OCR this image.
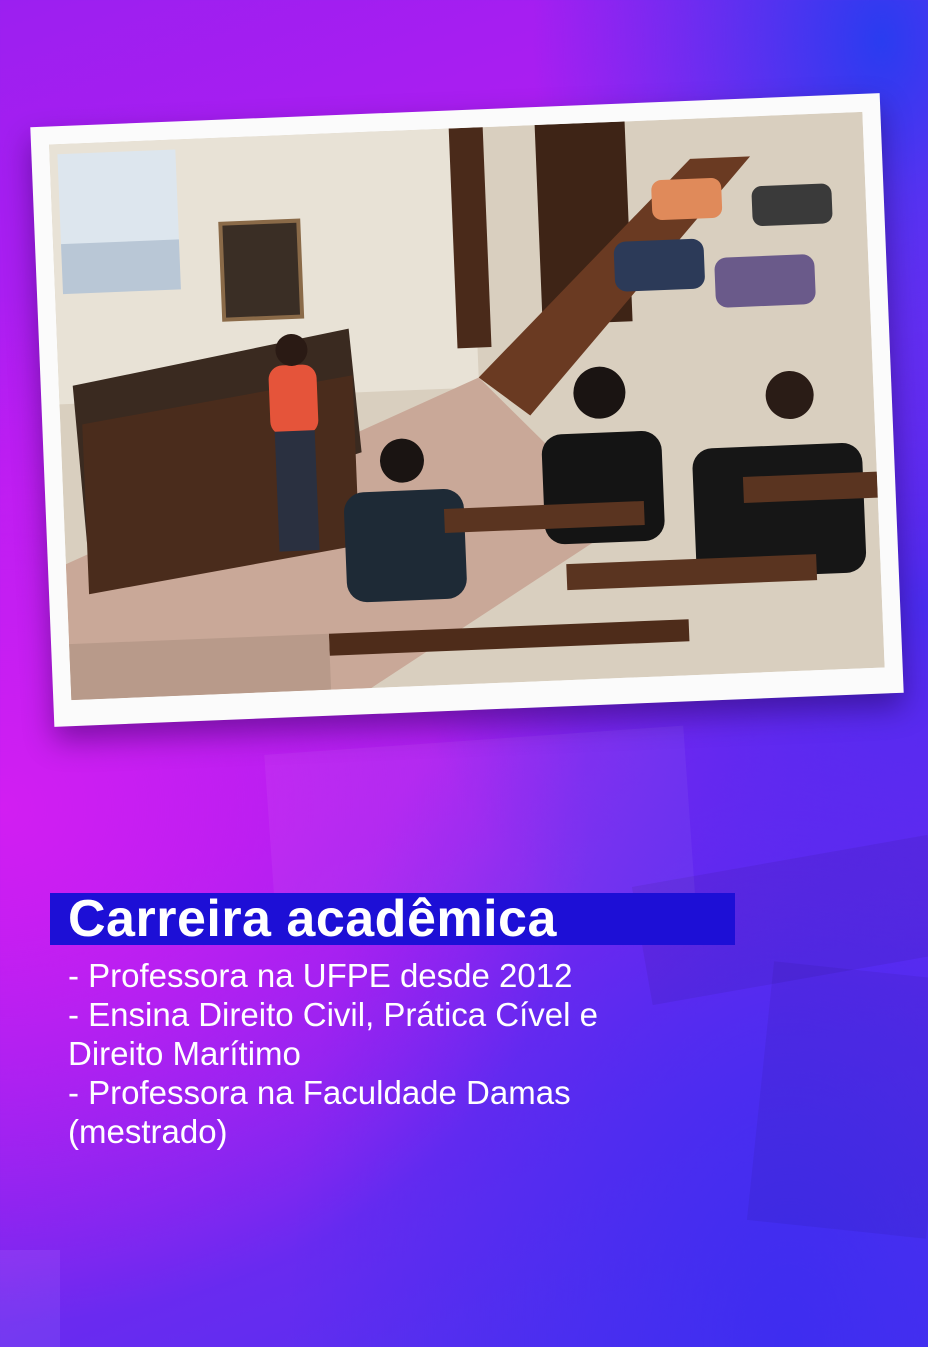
Carreira acadêmica
- Professora na UFPE desde 2012
- Ensina Direito Civil, Prática Cível e
Direito Marítimo
- Professora na Faculdade Damas
(mestrado)
